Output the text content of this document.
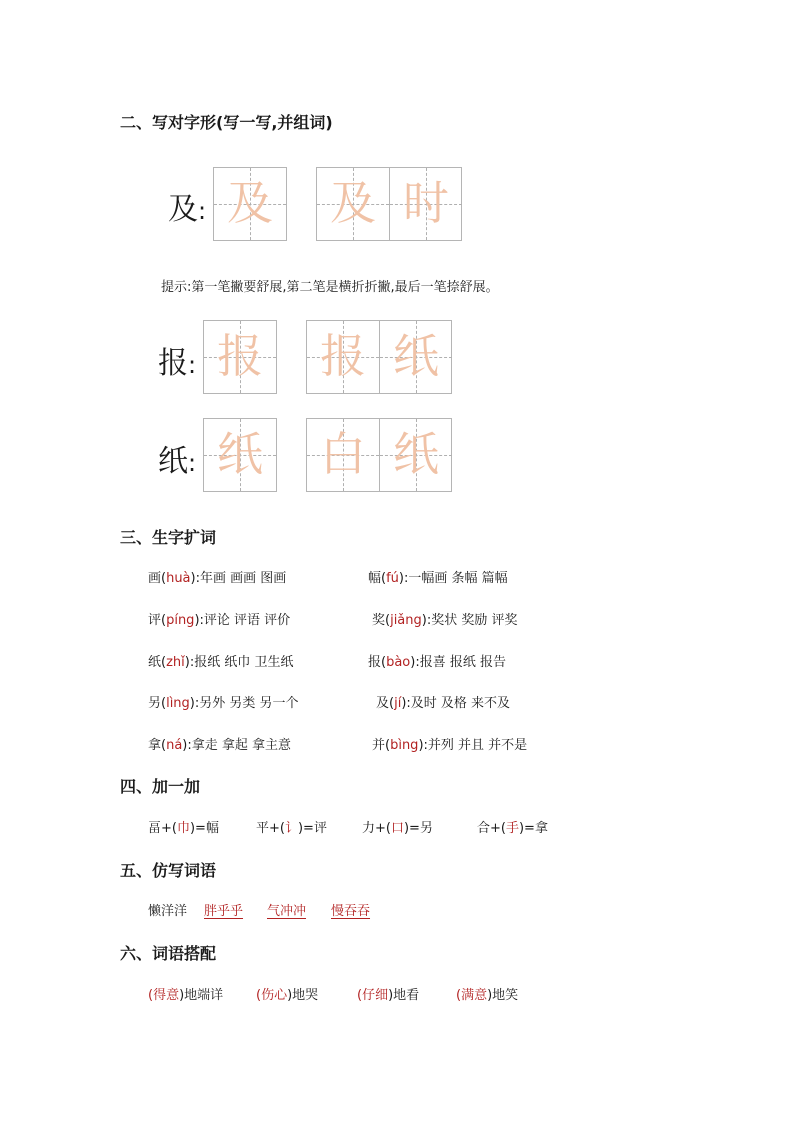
二、写对字形(写一写,并组词)
及: 及 及 时
提示:第一笔撇要舒展,第二笔是横折折撇,最后一笔捺舒展。
报: 报 报 纸
纸: 纸 白 纸
三、生字扩词
画(huà):年画 画画 图画	幅(fú):一幅画 条幅 篇幅
评(píng):评论 评语 评价	奖(jiǎng):奖状 奖励 评奖
纸(zhǐ):报纸 纸巾 卫生纸	报(bào):报喜 报纸 报告
另(lìng):另外 另类 另一个	及(jí):及时 及格 来不及
拿(ná):拿走 拿起 拿主意	并(bìng):并列 并且 并不是
四、加一加
畐+(巾)=幅	平+(讠)=评	力+(口)=另	合+(手)=拿
五、仿写词语
懒洋洋 胖乎乎 气冲冲 慢吞吞
六、词语搭配
(得意)地端详	(伤心)地哭	(仔细)地看	(满意)地笑
